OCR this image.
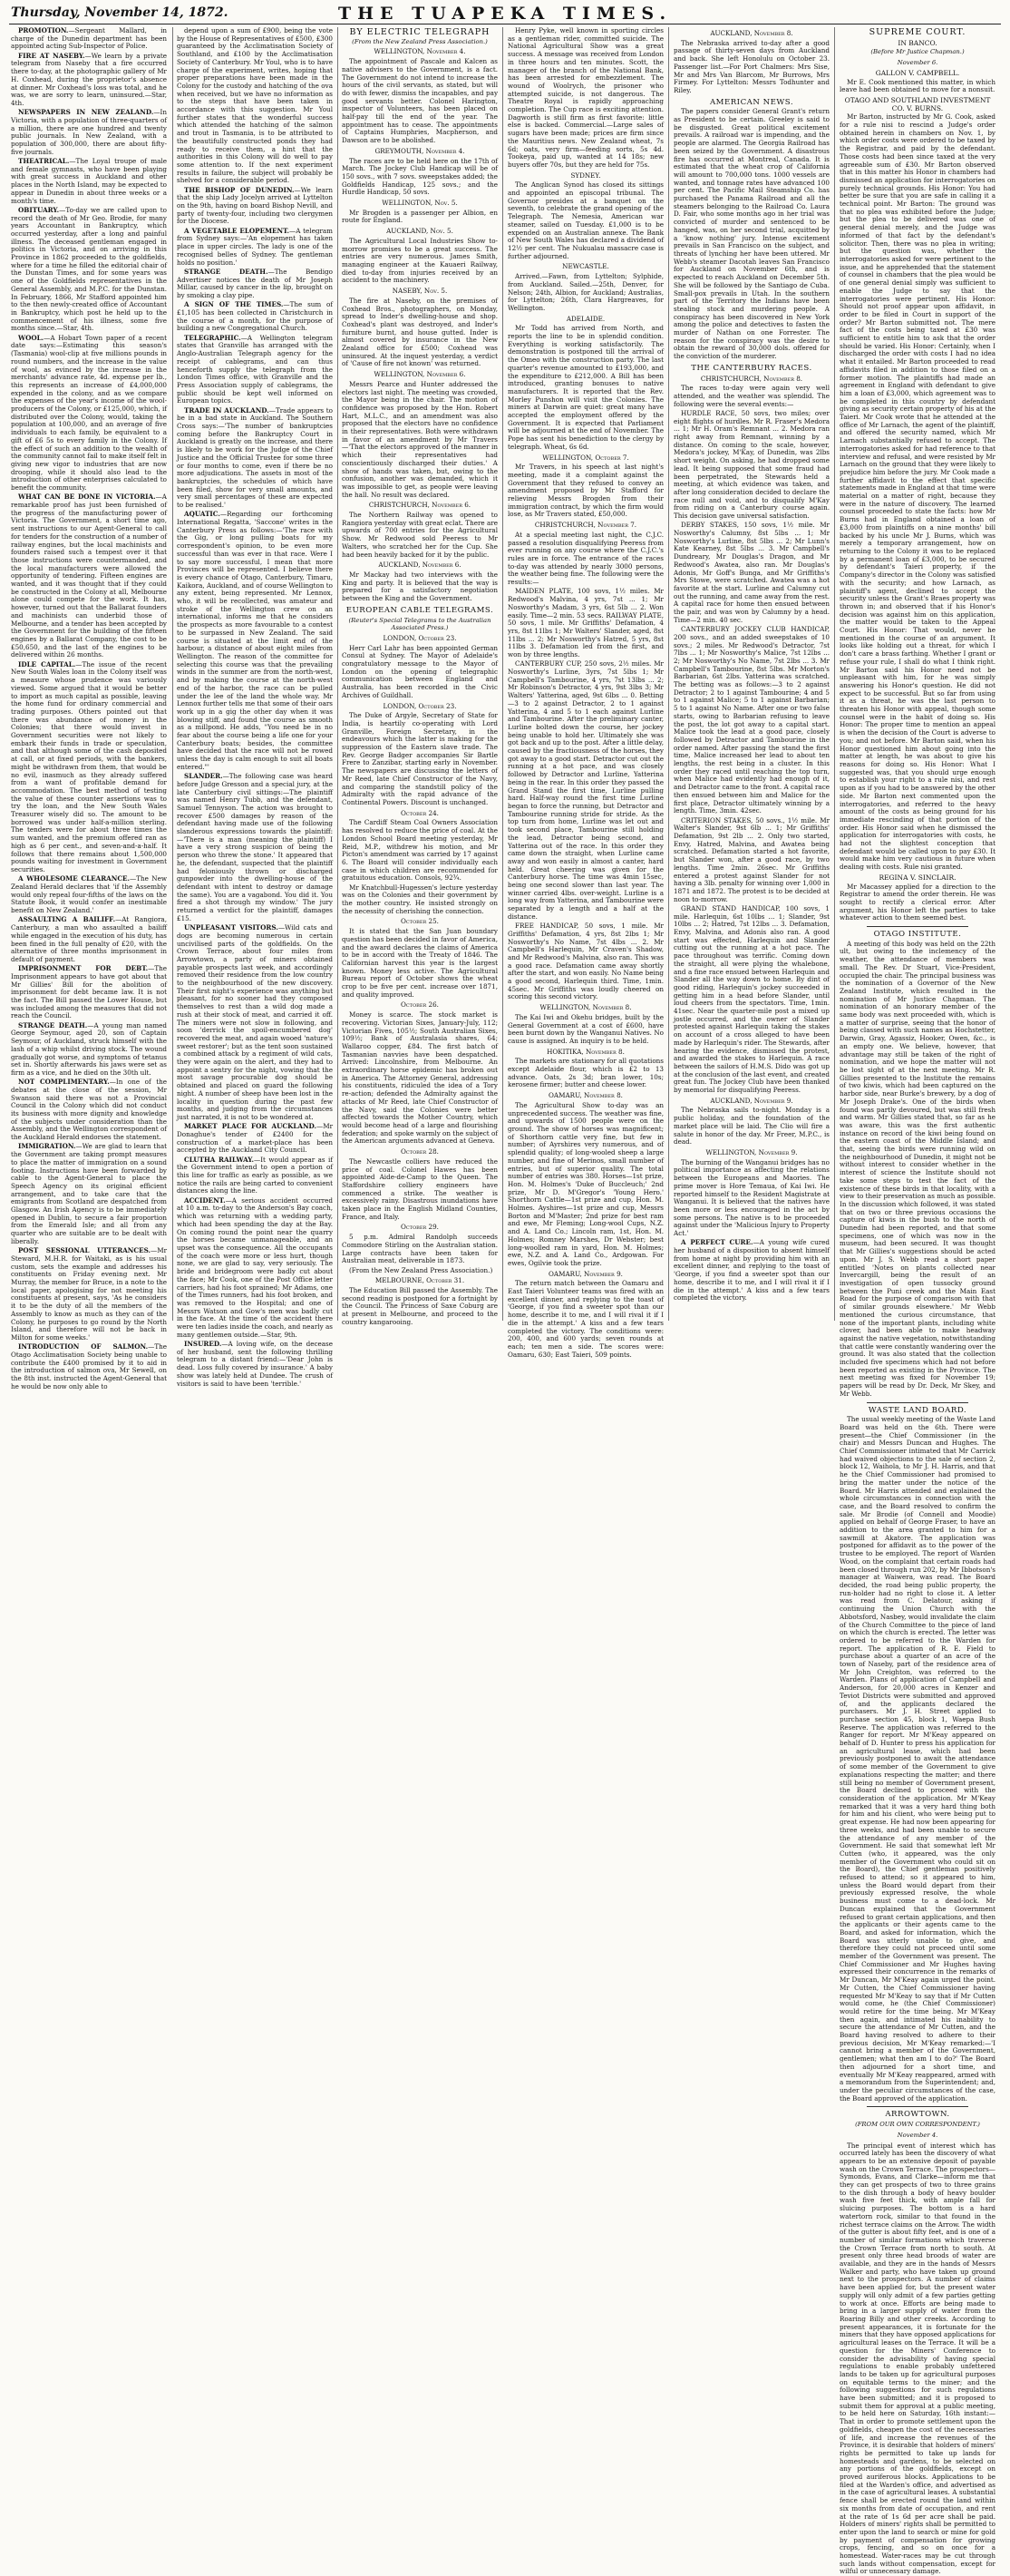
Thursday, November 14, 1872.	THE TUAPEKA TIMES.

PROMOTION.—Sergeant Mallard, in charge of the Dunedin department has been appointed acting Sub-Inspector of Police.

FIRE AT NASEBY.—We learn by a private telegram from Naseby that a fire occurred there to-day, at the photographic gallery of Mr H. Coxhead, during the proprietor's absence at dinner. Mr Coxhead's loss was total, and he was, we are sorry to learn, uninsured.—Star, 4th.

NEWSPAPERS IN NEW ZEALAND.—In Victoria, with a population of three-quarters of a million, there are one hundred and twenty public journals. In New Zealand, with a population of 300,000, there are about fifty-five journals.

THEATRICAL.—The Loyal troupe of male and female gymnasts, who have been playing with great success in Auckland and other places in the North Island, may be expected to appear in Dunedin in about three weeks or a month's time.

OBITUARY.—To-day we are called upon to record the death of Mr Geo. Brodie, for many years Accountant in Bankruptcy, which occurred yesterday, after a long and painful illness. The deceased gentleman engaged in politics in Victoria, and on arriving in this Province in 1862 proceeded to the goldfields, where for a time he filled the editorial chair of the Dunstan Times, and for some years was one of the Goldfields representatives in the General Assembly, and M.P.C. for the Dunstan. In February, 1866, Mr Stafford appointed him to the then newly-created office of Accountant in Bankruptcy, which post he held up to the commencement of his illness, some five months since.—Star, 4th.

WOOL.—A Hobart Town paper of a recent date says:—Estimating this season's (Tasmania) wool-clip at five millions pounds in round numbers, and the increase in the value of wool, as evinced by the increase in the merchants' advance rate, 4d. expense per lb., this represents an increase of £4,000,000 expended in the colony, and as we compare the expenses of the year's income of the wool-producers of the Colony, or £125,000, which, if distributed over the Colony, would, taking the population at 100,000, and an average of five individuals to each family, be equivalent to a gift of £6 5s to every family in the Colony. If the effect of such an addition to the wealth of the community cannot fail to make itself felt in giving new vigor to industries that are now drooping, while it should also lead to the introduction of other enterprises calculated to benefit the community.

WHAT CAN BE DONE IN VICTORIA.—A remarkable proof has just been furnished of the progress of the manufacturing power of Victoria. The Government, a short time ago, sent instructions to our Agent-General to call for tenders for the construction of a number of railway engines, but the local machinists and founders raised such a tempest over it that those instructions were countermanded, and the local manufacturers were allowed the opportunity of tendering. Fifteen engines are wanted, and it was thought that if they could be constructed in the Colony at all, Melbourne alone could compete for the work. It has, however, turned out that the Ballarat founders and machinists can underbid those of Melbourne, and a tender has been accepted by the Government for the building of the fifteen engines by a Ballarat Company, the cost to be £50,650, and the last of the engines to be delivered within 26 months.

IDLE CAPITAL.—The issue of the recent New South Wales loan in the Colony itself was a measure whose prudence was variously viewed. Some argued that it would be better to import as much capital as possible, leaving the home fund for ordinary commercial and trading purposes. Others pointed out that there was abundance of money in the Colonies; that there would invest in Government securities were not likely to embark their funds in trade or speculation, and that although some of the cash deposited at call, or at fixed periods, with the bankers, might be withdrawn from them, that would be no evil, inasmuch as they already suffered from a want of profitable demand for accommodation. The best method of testing the value of these counter assertions was to try the loan, and the New South Wales Treasurer wisely did so. The amount to be borrowed was under half-a-million sterling. The tenders were for about three times the sum wanted, and the premium offered ran as high as 6 per cent., and seven-and-a-half. It follows that there remains about 1,500,000 pounds waiting for investment in Government securities.

A WHOLESOME CLEARANCE.—The New Zealand Herald declares that 'if the Assembly would only repeal four-fifths of the laws on the Statute Book, it would confer an inestimable benefit on New Zealand.'

ASSAULTING A BAILIFF.—At Rangiora, Canterbury, a man who assaulted a bailiff while engaged in the execution of his duty, has been fined in the full penalty of £20, with the alternative of three months imprisonment in default of payment.

IMPRISONMENT FOR DEBT.—The Imprisonment appears to have got about that Mr Gillies' Bill for the abolition of imprisonment for debt became law. It is not the fact. The Bill passed the Lower House, but was included among the measures that did not reach the Council.

STRANGE DEATH.—A young man named George Seymour, aged 20, son of Captain Seymour, of Auckland, struck himself with the lash of a whip whilst driving stock. The wound gradually got worse, and symptoms of tetanus set in. Shortly afterwards his jaws were set as firm as a vice, and he died on the 30th ult.

NOT COMPLIMENTARY.—In one of the debates at the close of the session, Mr Swanson said there was not a Provincial Council in the Colony which did not conduct its business with more dignity and knowledge of the subjects under consideration than the Assembly, and the Wellington correspondent of the Auckland Herald endorses the statement.

IMMIGRATION.—We are glad to learn that the Government are taking prompt measures to place the matter of immigration on a sound footing. Instructions have been forwarded by cable to the Agent-General to place the Speech Agency on its original efficient arrangement, and to take care that the emigrants from Scotland are despatched from Glasgow. An Irish Agency is to be immediately opened in Dublin, to secure a fair proportion from the Emerald Isle; and all from any quarter who are suitable are to be dealt with liberally.

POST SESSIONAL UTTERANCES.—Mr Steward, M.H.R. for Waitaki, as is his usual custom, sets the example and addresses his constituents on Friday evening next. Mr Murray, the member for Bruce, in a note to the local paper, apologising for not meeting his constituents at present, says, 'As he considers it to be the duty of all the members of the Assembly to know as much as they can of the Colony, he purposes to go round by the North Island, and therefore will not be back in Milton for some weeks.'

INTRODUCTION OF SALMON.—The Otago Acclimatisation Society being unable to contribute the £400 promised by it to aid in the introduction of salmon ova, Mr Sewell, on the 8th inst. instructed the Agent-General that he would be now only able to

depend upon a sum of £900, being the vote by the House of Representatives of £500, £300 guaranteed by the Acclimatisation Society of Southland, and £100 by the Acclimatisation Society of Canterbury. Mr Youl, who is to have charge of the experiment, writes, hoping that proper preparations have been made in the Colony for the custody and hatching of the ova when received, but we have no information as to the steps that have been taken in accordance with this suggestion. Mr Youl further states that the wonderful success which attended the hatching of the salmon and trout in Tasmania, is to be attributed to the beautifully constructed ponds they had ready to receive them, a hint that the authorities in this Colony will do well to pay some attention to. If the next experiment results in failure, the subject will probably be shelved for a considerable period.

THE BISHOP OF DUNEDIN.—We learn that the ship Lady Jocelyn arrived at Lyttelton on the 9th, having on board Bishop Nevill, and party of twenty-four, including two clergymen for the Diocese.

A VEGETABLE ELOPEMENT.—A telegram from Sydney says:—'An elopement has taken place in upper circles. The lady is one of the recognised belles of Sydney. The gentleman holds no position.'

STRANGE DEATH.—The Bendigo Advertiser notices the death of Mr Joseph Millar, caused by cancer in the lip, brought on by smoking a clay pipe.

A SIGN OF THE TIMES.—The sum of £1,105 has been collected in Christchurch in the course of a month, for the purpose of building a new Congregational Church.

TELEGRAPHIC.—A Wellington telegram states that Granville has arranged with the Anglo-Australian Telegraph agency for the receipt of cablegrams, and can thus henceforth supply the telegraph from the London Times office, with Granville and the Press Association supply of cablegrams, the public should be kept well informed on European topics.

TRADE IN AUCKLAND.—Trade appears to be in a bad state in Auckland. The Southern Cross says:—'The number of bankruptcies coming before the Bankruptcy Court in Auckland is greatly on the increase, and there is likely to be work for the Judge of the Chief Justice and the Official Trustee for some three or four months to come, even if there be no more adjudications. The assets in most of the bankruptcies, the schedules of which have been filed, show for very small amounts, and very small percentages of these are expected to be realised.'

AQUATIC.—Regarding our forthcoming International Regatta, 'Saccone' writes in the Canterbury Press as follows:—'The race with the Gig, or long pulling boats for my correspondent's opinion, to be even more successful than was ever in that race. Were I to say more successful, I mean that more Provinces will be represented. I believe there is every chance of Otago, Canterbury, Timaru, Kaikora, Auckland, and of course Wellington to any extent, being represented. Mr Lennox, who, it will be recollected, was amateur and stroke of the Wellington crew on an international, informs me that he considers the prospects as more favourable to a contest to be surpassed in New Zealand. The said course is situated at the limit end of the harbour, a distance of about eight miles from Wellington. The reason of the committee for selecting this course was that the prevailing winds in the summer are from the north-west, and by making the course at the north-west end of the harbor, the race can be pulled under the lee of the land the whole way. Mr Lennox further tells me that some of their oars work up in a gig the other day when it was blowing stiff, and found the course as smooth as a millpond. He adds, "You need be in no fear about the course being a life one for your Canterbury boats; besides, the committee have decided that the race will not be rowed unless the day is calm enough to suit all boats entered."'

SLANDER.—The following case was heard before Judge Gresson and a special jury, at the late Canterbury civil sittings:—The plaintiff was named Henry Tubb, and the defendant, Samuel Tennyson. The action was brought to recover £500 damages by reason of the defendant having made use of the following slanderous expressions towards the plaintiff:—'There is a man (meaning the plaintiff) I have a very strong suspicion of being the person who threw the stone.' It appeared that he, the defendant, suspected that the plaintiff had feloniously thrown or discharged gunpowder into the dwelling-house of the defendant with intent to destroy or damage the same). You are a vagabond. You did it. You fired a shot through my window.' The jury returned a verdict for the plaintiff, damages £15.

UNPLEASANT VISITORS.—Wild cats and dogs are becoming numerous in certain uncivilised parts of the goldfields. On the Crown Terrace, about four miles from Arrowtown, a party of miners obtained payable prospects last week, and accordingly removed their residence from the low country to the neighbourhood of the new discovery. Their first night's experience was anything but pleasant, for no sooner had they composed themselves to rest than a wild dog made a rush at their stock of meat, and carried it off. The miners were not slow in following, and soon 'derrick the spoil-encumbered dog' recovered the meat, and again wooed 'nature's sweet restorer'; but as the tent soon sustained a combined attack by a regiment of wild cats, they were again on the alert, and they had to appoint a sentry for the night, vowing that the most savage procurable dog should be obtained and placed on guard the following night. A number of sheep have been lost in the locality in question during the past few months, and judging from the circumstances just narrated, it is not to be wondered at.

MARKET PLACE FOR AUCKLAND.—Mr Donaghue's tender of £2400 for the construction of a market-place has been accepted by the Auckland City Council.

CLUTHA RAILWAY.—It would appear as if the Government intend to open a portion of this line for traffic as early as possible, as we notice the rails are being carted to convenient distances along the line.

ACCIDENT.—A serious accident occurred at 10 a.m. to-day to the Anderson's Bay coach, which was returning with a wedding party, which had been spending the day at the Bay. On coming round the point near the quarry the horses became unmanageable, and an upset was the consequence. All the occupants of the coach were more or less hurt, though none, we are glad to say, very seriously. The bride and bridegroom were badly cut about the face; Mr Cook, one of the Post Office letter carriers, had his foot sprained; Mr Adams, one of the Times runners, had his foot broken, and was removed to the Hospital; and one of Messrs Watson and Gow's men was badly cut in the face. At the time of the accident there were ten ladies inside the coach, and nearly as many gentlemen outside.—Star, 9th.

INSURED.—A loving wife, on the decease of her husband, sent the following thrilling telegram to a distant friend:—'Dear John is dead. Loss fully covered by insurance.' A baby show was lately held at Dundee. The crush of visitors is said to have been 'terrible.'

BY ELECTRIC TELEGRAPH
(From the New Zealand Press Association.)
WELLINGTON, November 4.

The appointment of Pascale and Kalcen as native advisers to the Government, is a fact. The Government do not intend to increase the hours of the civil servants, as stated, but will do with fewer, dismiss the incapables, and pay good servants better. Colonel Harington, inspector of Volunteers, has been placed on half-pay till the end of the year. The appointment has to cease. The appointments of Captains Humphries, Macpherson, and Dawson are to be abolished.

GREYMOUTH, November 4.

The races are to be held here on the 17th of March. The Jockey Club Handicap will be of 150 sovs., with 7 sovs. sweepstakes added; the Goldfields Handicap, 125 sovs.; and the Hurdle Handicap, 50 sovs.

WELLINGTON, Nov. 5.

Mr Brogden is a passenger per Albion, en route for England.

AUCKLAND, Nov. 5.

The Agricultural Local Industries Show to-morrow promises to be a great success. The entries are very numerous. James Smith, managing engineer at the Kauaeri Railway, died to-day from injuries received by an accident to the machinery.

NASEBY, Nov. 5.

The fire at Naseby, on the premises of Coxhead Bros., photographers, on Monday, spread to Inder's dwelling-house and shop. Coxhead's plant was destroyed, and Inder's furniture burnt, and house gutted. Inder is almost covered by insurance in the New Zealand office for £500; Coxhead was uninsured. At the inquest yesterday, a verdict of 'Cause of fire not known' was returned.

WELLINGTON, November 6.

Messrs Pearce and Hunter addressed the electors last night. The meeting was crowded, the Mayor being in the chair. The motion of confidence was proposed by the Hon. Robert Hart, M.L.C., and an amendment was also proposed that the electors have no confidence in their representatives. Both were withdrawn in favor of an amendment by Mr Travers—'That the electors approved of the manner in which their representatives had conscientiously discharged their duties.' A show of hands was taken, but, owing to the confusion, another was demanded, which it was impossible to get, as people were leaving the hall. No result was declared.

CHRISTCHURCH, November 6.

The Northern Railway was opened to Rangiora yesterday with great eclat. There are upwards of 700 entries for the Agricultural Show. Mr Redwood sold Peeress to Mr Walters, who scratched her for the Cup. She had been heavily backed for it by the public.

AUCKLAND, November 6.

Mr Mackay had two interviews with the King and party. It is believed that the way is prepared for a satisfactory negotiation between the King and the Government.

EUROPEAN CABLE TELEGRAMS.
(Reuter's Special Telegrams to the Australian Associated Press.)
LONDON, October 23.

Herr Carl Lahr has been appointed German Consul at Sydney. The Mayor of Adelaide's congratulatory message to the Mayor of London on the opening of telegraphic communication between England and Australia, has been recorded in the Civic Archives of Guildhall.

LONDON, October 23.

The Duke of Argyle, Secretary of State for India, is heartily co-operating with Lord Granville, Foreign Secretary, in the endeavours which the latter is making for the suppression of the Eastern slave trade. The Rev. George Badger accompanies Sir Bartle Frere to Zanzibar, starting early in November. The newspapers are discussing the letters of Mr Reed, late Chief Constructor of the Navy, and comparing the standstill policy of the Admiralty with the rapid advance of the Continental Powers. Discount is unchanged.

October 24.

The Cardiff Steam Coal Owners Association has resolved to reduce the price of coal. At the London School Board meeting yesterday, Mr Reid, M.P., withdrew his motion, and Mr Picton's amendment was carried by 17 against 6. The Board will consider individually each case in which children are recommended for gratuitous education. Consols, 92¾.

Mr Knatchbull-Hugessen's lecture yesterday was on the Colonies and their government by the mother country. He insisted strongly on the necessity of cherishing the connection.

October 25.

It is stated that the San Juan boundary question has been decided in favor of America, and the award declares the claims of America to be in accord with the Treaty of 1846. The Californian harvest this year is the largest known. Money less active. The Agricultural Bureau report of October shows the wheat crop to be five per cent. increase over 1871, and quality improved.

October 26.

Money is scarce. The stock market is recovering. Victorian Sixes, January-July, 112; Victorian Fives, 105½; South Australian Sixes, 109½; Bank of Australasia shares, 64; Wallaroo copper, £84. The first batch of Tasmanian navvies have been despatched. Arrived: Lincolnshire, from Melbourne. An extraordinary horse epidemic has broken out in America. The Attorney General, addressing his constituents, ridiculed the idea of a Tory re-action; defended the Admiralty against the attacks of Mr Reed, late Chief Constructor of the Navy, said the Colonies were better affected towards the Mother Country, which would become head of a large and flourishing federation; and spoke warmly on the subject of the American arguments advanced at Geneva.

October 28.

The Newcastle colliers have reduced the price of coal. Colonel Hawes has been appointed Aide-de-Camp to the Queen. The Staffordshire colliery engineers have commenced a strike. The weather is excessively rainy. Disastrous inundations have taken place in the English Midland Counties, France, and Italy.

October 29.

5 p.m. Admiral Randolph succeeds Commodore Stirling on the Australian station. Large contracts have been taken for Australian meat, deliverable in 1873.

(From the New Zealand Press Association.)

MELBOURNE, October 31.

The Education Bill passed the Assembly. The second reading is postponed for a fortnight by the Council. The Princess of Saxe Coburg are at present in Melbourne, and proceed to the country kangarooing.

Henry Pyke, well known in sporting circles as a gentleman rider, committed suicide. The National Agricultural Show was a great success. A message was received from London in three hours and ten minutes. Scott, the manager of the branch of the National Bank, has been arrested for embezzlement. The wound of Woolrych, the prisoner who attempted suicide, is not dangerous. The Theatre Royal is rapidly approaching completion. The Cup race is exciting attention. Dagworth is still firm as first favorite: little else is backed. Commercial.—Large sales of sugars have been made; prices are firm since the Mauritius news. New Zealand wheat, 7s 6d; oats, very firm—feeding sorts, 5s 4d. Tookeya, paid up, wanted at 14 18s; new buyers offer 70s, but they are held for 75s.

SYDNEY.

The Anglican Synod has closed its sittings and appointed an episcopal tribunal. The Governor presides at a banquet on the seventh, to celebrate the grand opening of the Telegraph. The Nemesia, American war steamer, sailed on Tuesday. £1,000 is to be expended on an Australian annexe. The Bank of New South Wales has declared a dividend of 12½ per cent. The Nukualau massacre case is further adjourned.

NEWCASTLE.

Arrived.—Fawn, from Lyttelton; Sylphide, from Auckland. Sailed.—25th, Denver, for Nelson; 24th, Albion, for Auckland; Australias, for Lyttelton; 26th, Clara Hargreaves, for Wellington.

ADELAIDE.

Mr Todd has arrived from North, and reports the line to be in splendid condition. Everything is working satisfactorily. The demonstration is postponed till the arrival of the Omeo with the construction party. The last quarter's revenue amounted to £193,000, and the expenditure to £212,000. A Bill has been introduced, granting bonuses to native manufacturers. It is reported that the Rev. Morley Punshon will visit the Colonies. The miners at Darwin are quiet: great many have accepted the employment offered by the Government. It is expected that Parliament will be adjourned at the end of November. The Pope has sent his benediction to the clergy by telegraph. Wheat, 6s 6d.

WELLINGTON, October 7.

Mr Travers, in his speech at last night's meeting, made it a complaint against the Government that they refused to convey an amendment proposed by Mr Stafford for relieving Messrs Brogden from their immigration contract, by which the firm would lose, as Mr Travers stated, £50,000.

CHRISTCHURCH, November 7.

At a special meeting last night, the C.J.C. passed a resolution disqualifying Peeress from ever running on any course where the C.J.C.'s rules are in force. The entrance of the races to-day was attended by nearly 3000 persons, the weather being fine. The following were the results:—

MAIDEN PLATE, 100 sovs, 1½ miles. Mr Redwood's Malvina, 4 yrs, 7st ... 1; Mr Nosworthy's Madam, 3 yrs, 6st 5lb ... 2. Won easily. Time—2 min. 53 secs. RAILWAY PLATE, 50 sovs, 1 mile. Mr Griffiths' Defamation, 4 yrs, 8st 11lbs 1; Mr Walters' Slander, aged, 8st 11lbs ... 2; Mr Nosworthy's Hatred, 5 yrs, 8st 11lbs 3. Defamation led from the first, and won by three lengths.

CANTERBURY CUP, 250 sovs, 2½ miles. Mr Nosworthy's Lurline, 3yrs, 7st 5lbs 1; Mr Campbell's Tambourine, 4 yrs, 7st 13lbs ... 2; Mr Robinson's Detractor, 4 yrs, 9st 3lbs 3; Mr Walters' Yatterina, aged, 9st 6lbs ... 0. Betting—3 to 2 against Detractor, 2 to 1 against Yatterina, 4 and 5 to 1 each against Lurline and Tambourine. After the preliminary canter, Lurline bolted down the course, her jockey being unable to hold her. Ultimately she was got back and up to the post. After a little delay, caused by the fractiousness of the horses, they got away to a good start. Detractor cut out the running at a hot pace, and was closely followed by Detractor and Lurline, Yatterina being in the rear. In this order they passed the Grand Stand the first time, Lurline pulling hard. Half-way round the first time Lurline began to force the running, but Detractor and Tambourine running stride for stride. As the top turn from home, Lurline was let out and took second place, Tambourine still holding the lead, Detractor being second, and Yatterina out of the race. In this order they came down the straight, when Lurline came away and won easily in almost a canter, hard held. Great cheering was given for the Canterbury horse. The time was 4min 15sec, being one second slower than last year. The winner carried 4lbs. over-weight. Lurline is a long way from Yatterina, and Tambourine were separated by a length and a half at the distance.

FREE HANDICAP, 50 sovs, 1 mile. Mr Griffiths' Defamation, 4 yrs, 8st 2lbs 1; Mr Nosworthy's No Name, 7st 4lbs ... 2. Mr Campbell's Harlequin, Mr Craven's Shadow, and Mr Redwood's Malvina, also ran. This was a good race. Defamation came away shortly after the start, and won easily. No Name being a good second, Harlequin third. Time, 1min. 45sec. Mr Griffiths was loudly cheered on scoring this second victory.

WELLINGTON, November 8.

The Kai Iwi and Okehu bridges, built by the General Government at a cost of £600, have been burnt down by the Wanganui Natives. No cause is assigned. An inquiry is to be held.

HOKITIKA, November 8.

The markets are stationary for all quotations except Adelaide flour, which is £2 to 13 advance. Oats, 2s 3d; bran lower, 10s; kerosene firmer; butter and cheese lower.

OAMARU, November 8.

The Agricultural Show to-day was an unprecedented success. The weather was fine, and upwards of 1500 people were on the ground. The show of horses was magnificent; of Shorthorn cattle very fine, but few in number; of Ayrshires very numerous, and of splendid quality; of long-wooled sheep a large number, and fine of Merinos, small number of entries, but of superior quality. The total number of entries was 380. Horses—1st prize, Hon. M. Holmes's 'Duke of Buccleuch;' 2nd prize, Mr D. M'Gregor's 'Young Hero.' Shorthorn Cattle—1st prize and cup, Hon. M. Holmes. Ayshires—1st prize and cup, Messrs Borton and M'Master; 2nd prize for best ram and ewe, Mr Fleming; Long-wool Cups, N.Z. and A. Land Co.; Lincoln ram, 1st, Hon. M. Holmes; Romney Marshes, Dr Webster; best long-woolled ram in yard, Hon. M. Holmes; ewe, N.Z. and A. Land Co., Ardgowan. For ewes, Ogilvie took the prize.

OAMARU, November 9.

The return match between the Oamaru and East Taieri Volunteer teams was fired with an excellent dinner, and replying to the toast of 'George, if you find a sweeter spot than our home, describe it to me, and I will rival it if I die in the attempt.' A kiss and a few tears completed the victory. The conditions were: 200, 400, and 600 yards; seven rounds at each; ten men a side. The scores were: Oamaru, 630; East Taieri, 509 points.

AUCKLAND, November 8.

The Nebraska arrived to-day after a good passage of thirty-seven days from Auckland and back. She left Honolulu on October 23. Passenger list.—For Port Chalmers: Mrs Sise, Mr and Mrs Van Blarcom, Mr Burrows, Mrs Firmey. For Lyttelton: Messrs Todhunter and Riley.

AMERICAN NEWS.

The papers consider General Grant's return as President to be certain. Greeley is said to be disgusted. Great political excitement prevails. A railroad war is impending, and the people are alarmed. The Georgia Railroad has been seized by the Government. A disastrous fire has occurred at Montreal, Canada. It is estimated that the wheat crop of California will amount to 700,000 tons. 1000 vessels are wanted, and tonnage rates have advanced 100 per cent. The Pacific Mail Steamship Co. has purchased the Panama Railroad and all the steamers belonging to the Railroad Co. Laura D. Fair, who some months ago in her trial was convicted of murder and sentenced to be hanged, was, on her second trial, acquitted by a 'know nothing' jury. Intense excitement prevails in San Francisco on the subject, and threats of lynching her have been uttered. Mr Webb's steamer Dacotah leaves San Francisco for Auckland on November 6th, and is expected to reach Auckland on December 5th. She will be followed by the Santiago de Cuba. Small-pox prevails in Utah. In the southern part of the Territory the Indians have been stealing stock and murdering people. A conspiracy has been discovered in New York among the police and detectives to fasten the murder of Nathan on one Forrester. The reason for the conspiracy was the desire to obtain the reward of 30,000 dols. offered for the conviction of the murderer.

THE CANTERBURY RACES.
CHRISTCHURCH, November 8.

The races to-day were again very well attended, and the weather was splendid. The following were the several events:—

HURDLE RACE, 50 sovs, two miles; over eight flights of hurdles. Mr R. Fraser's Medora ... 1; Mr H. Oram's Remnant ... 2. Medora ran right away from Remnant, winning by a distance. On coming to the scale, however, Medora's jockey, M'Kay, of Dunedin, was 2lbs short weight. On asking, he had dropped some lead. It being supposed that some fraud had been perpetrated, the Stewards held a meeting, at which evidence was taken, and after long consideration decided to declare the race null and void, and to disqualify M'Kay from riding on a Canterbury course again. This decision gave universal satisfaction.

DERBY STAKES, 150 sovs, 1½ mile. Mr Nosworthy's Calumny, 8st 5lbs ... 1; Mr Nosworthy's Lurline, 8st 5lbs ... 2; Mr Lunn's Kate Kearney, 8st 5lbs ... 3. Mr Campbell's Dundreary, Mr Douglas's Dragon, and Mr Redwood's Awatea, also ran. Mr Douglas's Adonis, Mr Goff's Bunga, and Mr Griffiths's Mrs Stowe, were scratched. Awatea was a hot favorite at the start. Lurline and Calumny cut out the running, and came away from the rest. A capital race for home then ensued between the pair, and was won by Calumny by a head. Time—2 min. 40 sec.

CANTERBURY JOCKEY CLUB HANDICAP, 200 sovs., and an added sweepstakes of 10 sovs.; 2 miles. Mr Redwood's Detractor, 7st 7lbs ... 1; Mr Nosworthy's Malice, 7st 12lbs ... 2; Mr Nosworthy's No Name, 7st 2lbs ... 3. Mr Campbell's Tambourine, 8st 5lbs. Mr Morton's Barbarian, 6st 2lbs. Yatterina was scratched. The betting was as follows:—3 to 2 against Detractor; 2 to 1 against Tambourine; 4 and 5 to 1 against Malice; 5 to 1 against Barbarian; 5 to 1 against No Name. After one or two false starts, owing to Barbarian refusing to leave the post, the lot got away to a capital start. Malice took the lead at a good pace, closely followed by Detractor and Tambourine in the order named. After passing the stand the first time, Malice increased her lead to about ten lengths, the rest being in a cluster. In this order they raced until reaching the top turn, when Malice had evidently had enough of it, and Detractor came to the front. A capital race then ensued between him and Malice for the first place, Detractor ultimately winning by a length. Time, 3min. 42sec.

CRITERION STAKES, 50 sovs., 1½ mile. Mr Walter's Slander, 9st 6lb ... 1; Mr Griffiths' Defamation, 9st 2lb ... 2. Only two started, Envy, Hatred, Malvina, and Awatea being scratched. Defamation started a hot favorite, but Slander won, after a good race, by two lengths. Time 2min. 26sec. Mr Griffiths entered a protest against Slander for not having a 3lb. penalty for winning over 1,000 in 1871 and 1872. The protest is to be decided at noon to-morrow.

GRAND STAND HANDICAP, 100 sovs, 1 mile. Harlequin, 6st 10lbs ... 1; Slander, 9st 10lbs ... 2; Hatred, 7st 12lbs ... 3. Defamation, Envy, Malvina, and Adonis also ran. A good start was effected, Harlequin and Slander cutting out the running at a hot pace. The pace throughout was terrific. Coming down the straight, all were plying the whalebone, and a fine race ensued between Harlequin and Slander all the way down to home. By dint of good riding, Harlequin's jockey succeeded in getting him in a head before Slander, until loud cheers from the spectators. Time, 1min. 41sec. Near the quarter-mile post a mixed up jostle occurred, and the owner of Slander protested against Harlequin taking the stakes on account of a cross alleged to have been made by Harlequin's rider. The Stewards, after hearing the evidence, dismissed the protest, and awarded the stakes to Harlequin. A race between the sailors of H.M.S. Dido was got up at the conclusion of the last event, and created great fun. The Jockey Club have been thanked by memorial for disqualifying Peeress.

AUCKLAND, November 9.

The Nebraska sails to-night. Monday is a public holiday, and the foundation of the market place will be laid. The Clio will fire a salute in honor of the day. Mr Freer, M.P.C., is dead.

WELLINGTON, November 9.

The burning of the Wanganui bridges has no political importance as affecting the relations between the Europeans and Maories. The prime mover is Hore Temaua, of Kai Iwi. He reported himself to the Resident Magistrate at Wanganui. It is believed that the natives have been more or less encouraged in the act by some persons. The native is to be proceeded against under the 'Malicious Injury to Property Act.'

A PERFECT CURE.—A young wife cured her husband of a disposition to absent himself from home at night by providing him with an excellent dinner, and replying to the toast of 'George, if you find a sweeter spot than our home, describe it to me, and I will rival it if I die in the attempt.' A kiss and a few tears completed the victory.

SUPREME COURT.
IN BANCO.
(Before Mr Justice Chapman.)
November 6.
GALLON V. CAMPBELL.

Mr E. Cook mentioned this matter, in which leave had been obtained to move for a nonsuit.

OTAGO AND SOUTHLAND INVESTMENT CO. V. BURNS.

Mr Barton, instructed by Mr G. Cook, asked for a rule nisi to rescind a Judge's order obtained herein in chambers on Nov. 1, by which order costs were ordered to be taxed by the Registrar, and paid by the defendant. Those costs had been since taxed at the very agreeable sum of £30. Mr Barton observed that in this matter his Honor in chambers had dismissed an application for interrogatories on purely technical grounds. His Honor: You had better be sure that you are safe in calling it a technical point. Mr Barton: The ground was that no plea was exhibited before the Judge; but the plea to be delivered was one of general denial merely, and the Judge was informed of that fact by the defendant's solicitor. Then, there was no plea in writing; but the question was, whether the interrogatories asked for were pertinent to the issue, and he apprehended that the statement of counsel in chambers that the plea would be of one general denial simply was sufficient to enable the Judge to say that the interrogatories were pertinent. His Honor: Should not proof appear upon affidavit, in order to be filed in Court in support of the order? Mr Barton submitted not. The mere fact of the costs being taxed at £30 was sufficient to entitle him to ask that the order should be varied. His Honor: Certainly, when I discharged the order with costs I had no idea what it entailed. Mr Barton proceeded to read affidavits filed in addition to those filed on a former motion. The plaintiffs had made an agreement in England with defendant to give him a loan of £3,000, which agreement was to be completed in this country by defendant giving as security certain property of his at the Taieri. Mr Cook wrote that he attended at the office of Mr Larnach, the agent of the plaintiff, and offered the security named, which Mr Larnach substantially refused to accept. The interrogatories asked for had reference to that interview and refusal, and were resisted by Mr Larnach on the ground that they were likely to prejudice him before the jury. Mr Cook made a further affidavit to the effect that specific statements made in England at that time were material on a matter of right, because they were in the nature of discovery. The learned counsel proceeded to state the facts: how Mr Burns had in England obtained a loan of £3,000 from plaintiffs on a nine months' bill backed by his uncle Mr J. Burns, which was merely a temporary arrangement, how on returning to the Colony it was to be replaced by a permanent loan of £3,000, to be secured by defendant's Taieri property, if the Company's director in the Colony was satisfied with the security; and how Larnach, as plaintiff's agent, declined to accept the security unless the Grant's Braes property was thrown in; and observed that if his Honor's decision was against him on this application, the matter would be taken to the Appeal Court. His Honor: That would, never he mentioned in the course of an argument. It looks like holding out a threat, for which I don't care a brass farthing. Whether I grant or refuse your rule, I shall do what I think right. Mr Barton said his Honor need not be unpleasant with him, for he was simply answering his Honor's question. He did not expect to be successful. But so far from using it as a threat, he was the last person to threaten his Honor with appeal, though some counsel were in the habit of doing so. His Honor: The proper time to mention an appeal is when the decision of the Court is adverse to you; and not before. Mr Barton said, when his Honor questioned him about going into the matter at length, he was about to give his reasons for doing so. His Honor: What I suggested was, that you should urge enough to establish your right to a rule nisi, and rest upon as if you had to be answered by the other side. Mr Barton next commented upon the interrogatories, and referred to the heavy amount of the costs as being ground for his immediate rescinding of that portion of the order. His Honor said when he dismissed the application for interrogatories with costs, he had not the slightest conception that defendant would be called upon to pay £30. It would make him very cautious in future when dealing with costs. Rule nisi granted.

REGINA V. SINCLAIR.

Mr Macassey applied for a direction to the Registrar to amend the order therein. He was sought to rectify a clerical error. After argument, his Honor left the parties to take whatever action to them seemed best.

OTAGO INSTITUTE.

A meeting of this body was held on the 22th ult, but owing to the inclemency of the weather, the attendance of members was small. The Rev. Dr Stuart, Vice-President, occupied the chair. The principal business was the nomination of a Governor of the New Zealand Institute, which resulted in the nomination of Mr Justice Chapman. The nomination of an honorary member of the same body was next proceeded with, which is a matter of surprise, seeing that the honor of being classed with such names as Hochstetter, Darwin, Gray, Agassiz, Hooker, Owen, &c., is an empty one. We believe, however, that advantage may still be taken of the right of nomination, and we hope the matter will not be lost sight of at the next meeting. Mr R. Gillies presented to the Institute the remains of two kiwis, which had been captured on the harbor side, near Burke's brewery, by a dog of Mr Joseph Drake's. One of the birds when found was partly devoured, but was still fresh and warm. Mr Gillies stated that, so far as he was aware, this was the first authentic instance on record of the kiwi being found on the eastern coast of the Middle Island; and that, seeing the birds were running wild on the neighbourhood of Dunedin, it might not be without interest to consider whether in the interest of science the Institute should not take some steps to test the fact of the existence of these birds in that locality, with a view to their preservation as much as possible. In the discussion which followed, it was stated that on two or three previous occasions the capture of kiwis in the bush to the north of Dunedin had been reported, and that some specimens, one of which was now in the museum, had been secured. It was thought that Mr Gillies's suggestions should be acted upon. Mr J. S. Webb read a short paper entitled 'Notes on plants collected near Invercargill, being the result of an investigation of open tussocky ground between the Puni creek and the Main East Road for the purpose of comparison with that of similar grounds elsewhere.' Mr Webb mentioned the curious circumstance, that none of the important plants, including white clover, had been able to make headway against the native vegetation, notwithstanding that cattle were constantly wandering over the ground. It was also stated that the collection included five specimens which had not before been reported as existing in the Province. The next meeting was fixed for November 19; papers will be read by Dr. Deck, Mr Skey, and Mr Webb.

WASTE LAND BOARD.

The usual weekly meeting of the Waste Land Board was held on the 6th. There were present—the Chief Commissioner (in the chair) and Messrs Duncan and Hughes. The Chief Commissioner intimated that Mr Carrick had waived objections to the sale of section 2, block 12, Waihola, to Mr J. H. Harris, and that he the Chief Commissioner had promised to bring the matter under the notice of the Board. Mr Harris attended and explained the whole circumstances in connection with the case, and the Board resolved to confirm the sale. Mr Brodie (of Connell and Moodie) applied on behalf of George Fraser, to have an addition to the area granted to him for a sawmill at Akatore. The application was postponed for affidavit as to the power of the trustee to be employed. The report of Warden Wood, on the complaint that certain roads had been closed through run 202, by Mr Ibbotson's manager at Waiwera, was read. The Board decided, the road being public property, the run-holder had no right to close it. A letter was read from C. Delatour, asking if continuing the Union Church with the Abbotsford, Nasbey, would invalidate the claim of the Church Committee to the piece of land on which the church is erected. The letter was ordered to be referred to the Warden for report. The application of R. E. Field to purchase about a quarter of an acre of the town of Naseby, part of the residence area of Mr John Creighton, was referred to the Warden. Plans of application of Campbell and Anderson, for 20,000 acres in Kenzer and Teviot Districts were submitted and approved of, and the applicants declared the purchasers. Mr J. H. Street applied to purchase section 45, block 1, Waepa Bush Reserve. The application was referred to the Ranger for report. Mr M'Keay appeared on behalf of D. Hunter to press his application for an agricultural lease, which had been previously postponed to await the attendance of some member of the Government to give explanations respecting the matter; and there still being no member of Government present, the Board declined to proceed with the consideration of the application. Mr M'Keay remarked that it was a very hard thing both for him and his client, who were being put to great expense. He had now been appearing for three weeks, and had been unable to secure the attendance of any member of the Government. He said that somewhat left Mr Cutten (who, it appeared, was the only member of the Government who could sit on the Board), the Chief gentleman positively refused to attend; so it appeared to him, unless the Board would depart from their previously expressed resolve, the whole business must come to a dead-lock. Mr Duncan explained that the Government refused to grant certain applications, and then the applicants or their agents came to the Board, and asked for information, which the Board was utterly unable to give, and therefore they could not proceed until some member of the Government was present. The Chief Commissioner and Mr Hughes having expressed their concurrence in the remarks of Mr Duncan, Mr M'Keay again urged the point. Mr Cutten, the Chief Commissioner having requested Mr M'Keay to say that if Mr Cutten would come, he (the Chief Commissioner) would retire for the time being. Mr M'Keay then again, and intimated his inability to secure the attendance of Mr Cutten, and the Board having resolved to adhere to their previous decision, Mr M'Keay remarked:—'I cannot bring a member of the Government, gentlemen; what then am I to do?' The Board then adjourned for a short time, and eventually Mr M'Keay reappeared, armed with a memorandum from the Superintendent; and, under the peculiar circumstances of the case, the Board approved of the application.

ARROWTOWN.
(FROM OUR OWN CORRESPONDENT.)
November 4.

The principal event of interest which has occurred lately has been the discovery of what appears to be an extensive deposit of payable wash on the Crown Terrace. The prospectors—Symonds, Evans, and Clarke—inform me that they can get prospects of two to three grains to the dish through a body of heavy boulder wash five feet thick, with ample fall for sluicing purposes. The bottom is a hard watertorn rock, similar to that found in the richest terrace claims on the Arrow. The width of the gutter is about fifty feet, and is one of a number of similar formations which traverse the Crown Terrace from north to south. At present only three head broods of water are available, and they are in the hands of Messrs Walker and party, who have taken up ground next to the prospectors. A number of claims have been applied for, but the present water supply will only admit of a few parties getting to work at once. Efforts are being made to bring in a larger supply of water from the Roaring Billy and other creeks. According to present appearances, it is fortunate for the miners that they have opposed applications for agricultural leases on the Terrace. It will be a question for the Miners' Conference to consider the advisability of having special regulations to enable probably unfettered lands to be taken up for agricultural purposes on equitable terms to the miner; and the following suggestions for such regulations have been submitted; and it is proposed to submit them for approval at a public meeting, to be held here on Saturday, 16th instant:— That in order to promote settlement upon the goldfields, cheapen the cost of the necessaries of life, and increase the revenues of the Province, it is desirable that holders of miners' rights be permitted to take up lands for homesteads and gardens, to be selected on any portions of the goldfields, except on proved auriferous blocks. Applications to be filed at the Warden's office, and advertised as in the case of agricultural leases. A substantial fence shall be erected round the land within six months from date of occupation, and rent at the rate of 1s 6d per acre shall be paid. Holders of miners' rights shall be permitted to enter upon the land to search or mine for gold by payment of compensation for growing crops, fencing, and so on once for a homestead. Water-races may be cut through such lands without compensation, except for wilful or unnecessary damage.
